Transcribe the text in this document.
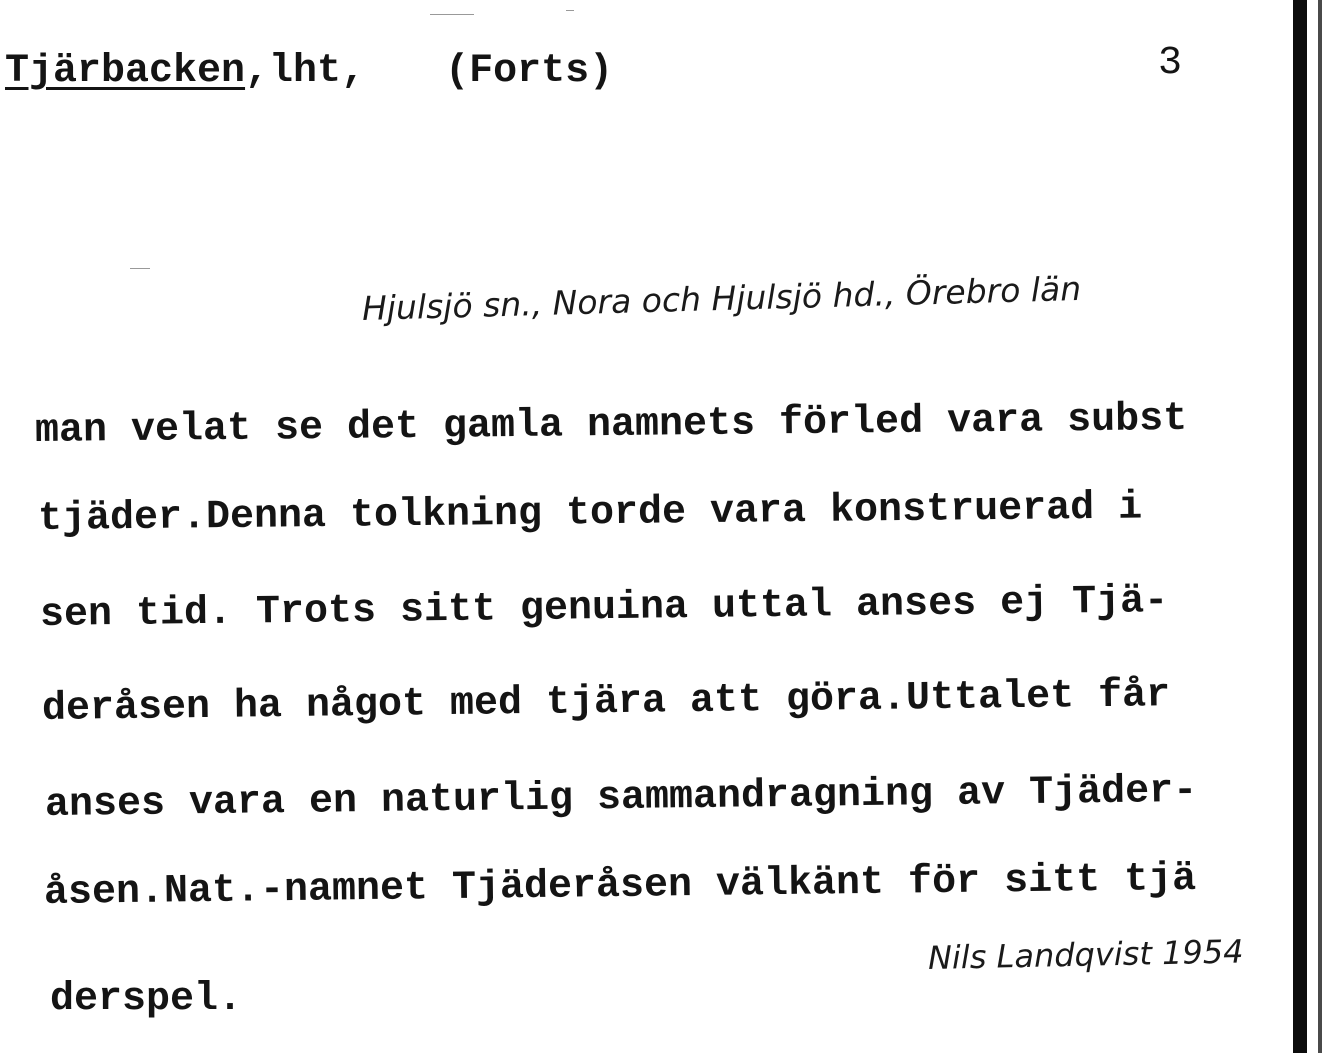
Tjärbacken,lht, (Forts)	3
Hjulsjö sn., Nora och Hjulsjö hd., Örebro län
man velat se det gamla namnets förled vara subst
tjäder.Denna tolkning torde vara konstruerad i
sen tid. Trots sitt genuina uttal anses ej Tjä-
deråsen ha något med tjära att göra.Uttalet får
anses vara en naturlig sammandragning av Tjäder-
åsen.Nat.-namnet Tjäderåsen välkänt för sitt tjä
derspel.
Nils Landqvist 1954
